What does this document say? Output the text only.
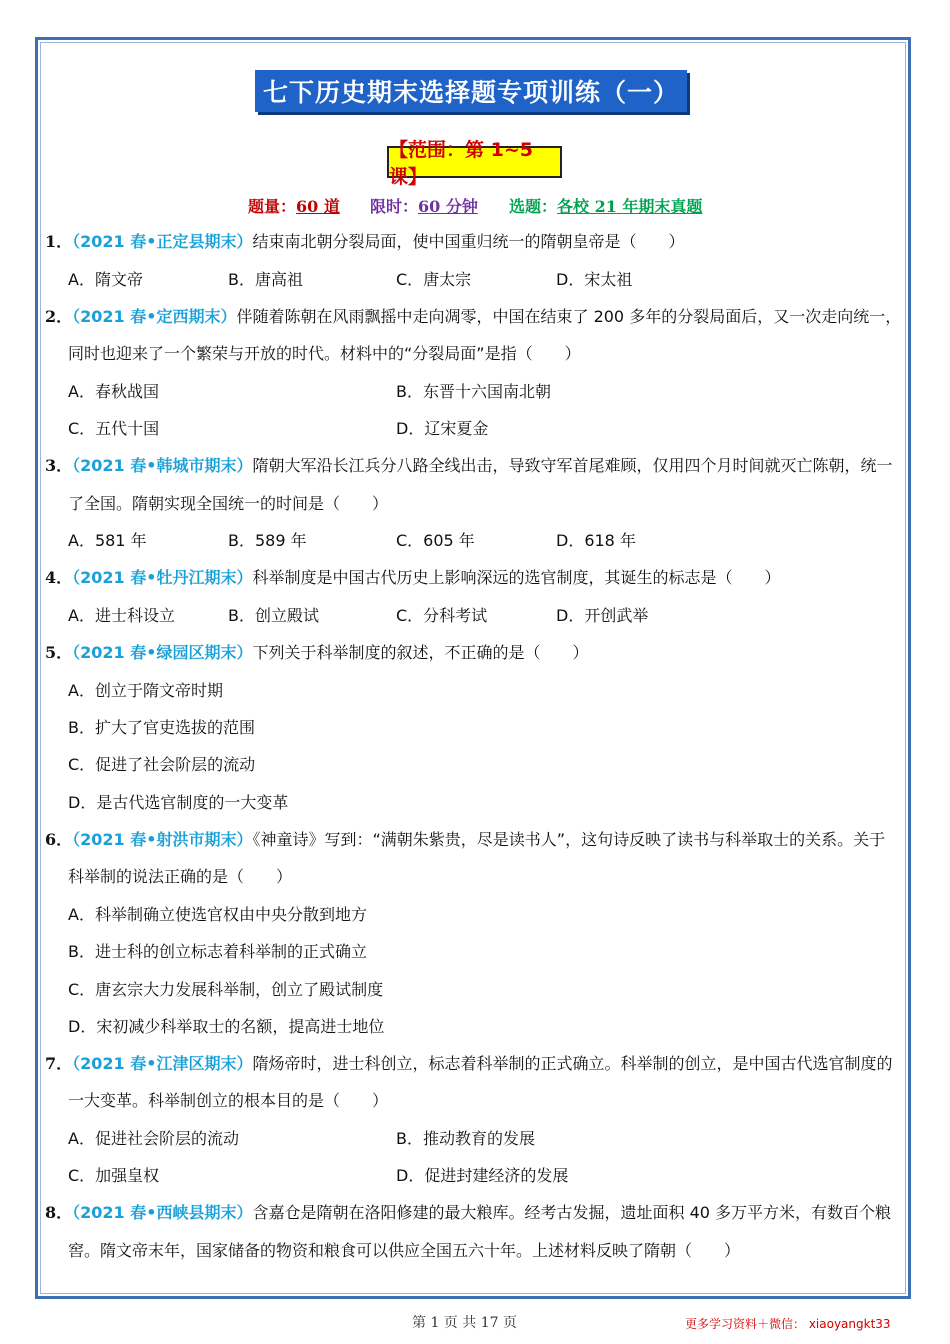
七下历史期末选择题专项训练（一）
【范围：第 1~5 课】
题量：60 道 限时：60 分钟 选题：各校 21 年期末真题
1．（2021 春•正定县期末）结束南北朝分裂局面，使中国重归统一的隋朝皇帝是（　　）
A．隋文帝	B．唐高祖	C．唐太宗	D．宋太祖
2．（2021 春•定西期末）伴随着陈朝在风雨飘摇中走向凋零，中国在结束了 200 多年的分裂局面后，又一次走向统一，
同时也迎来了一个繁荣与开放的时代。材料中的“分裂局面”是指（　　）
A．春秋战国	B．东晋十六国南北朝
C．五代十国	D．辽宋夏金
3．（2021 春•韩城市期末）隋朝大军沿长江兵分八路全线出击，导致守军首尾难顾，仅用四个月时间就灭亡陈朝，统一
了全国。隋朝实现全国统一的时间是（　　）
A．581 年	B．589 年	C．605 年	D．618 年
4．（2021 春•牡丹江期末）科举制度是中国古代历史上影响深远的选官制度，其诞生的标志是（　　）
A．进士科设立	B．创立殿试	C．分科考试	D．开创武举
5．（2021 春•绿园区期末）下列关于科举制度的叙述，不正确的是（　　）
A．创立于隋文帝时期
B．扩大了官吏选拔的范围
C．促进了社会阶层的流动
D．是古代选官制度的一大变革
6．（2021 春•射洪市期末）《神童诗》写到：“满朝朱紫贵，尽是读书人”，这句诗反映了读书与科举取士的关系。关于
科举制的说法正确的是（　　）
A．科举制确立使选官权由中央分散到地方
B．进士科的创立标志着科举制的正式确立
C．唐玄宗大力发展科举制，创立了殿试制度
D．宋初减少科举取士的名额，提高进士地位
7．（2021 春•江津区期末）隋炀帝时，进士科创立，标志着科举制的正式确立。科举制的创立，是中国古代选官制度的
一大变革。科举制创立的根本目的是（　　）
A．促进社会阶层的流动	B．推动教育的发展
C．加强皇权	D．促进封建经济的发展
8．（2021 春•西峡县期末）含嘉仓是隋朝在洛阳修建的最大粮库。经考古发掘，遗址面积 40 多万平方米，有数百个粮
窖。隋文帝末年，国家储备的物资和粮食可以供应全国五六十年。上述材料反映了隋朝（　　）
第 1 页 共 17 页	更多学习资料＋微信： xiaoyangkt33
